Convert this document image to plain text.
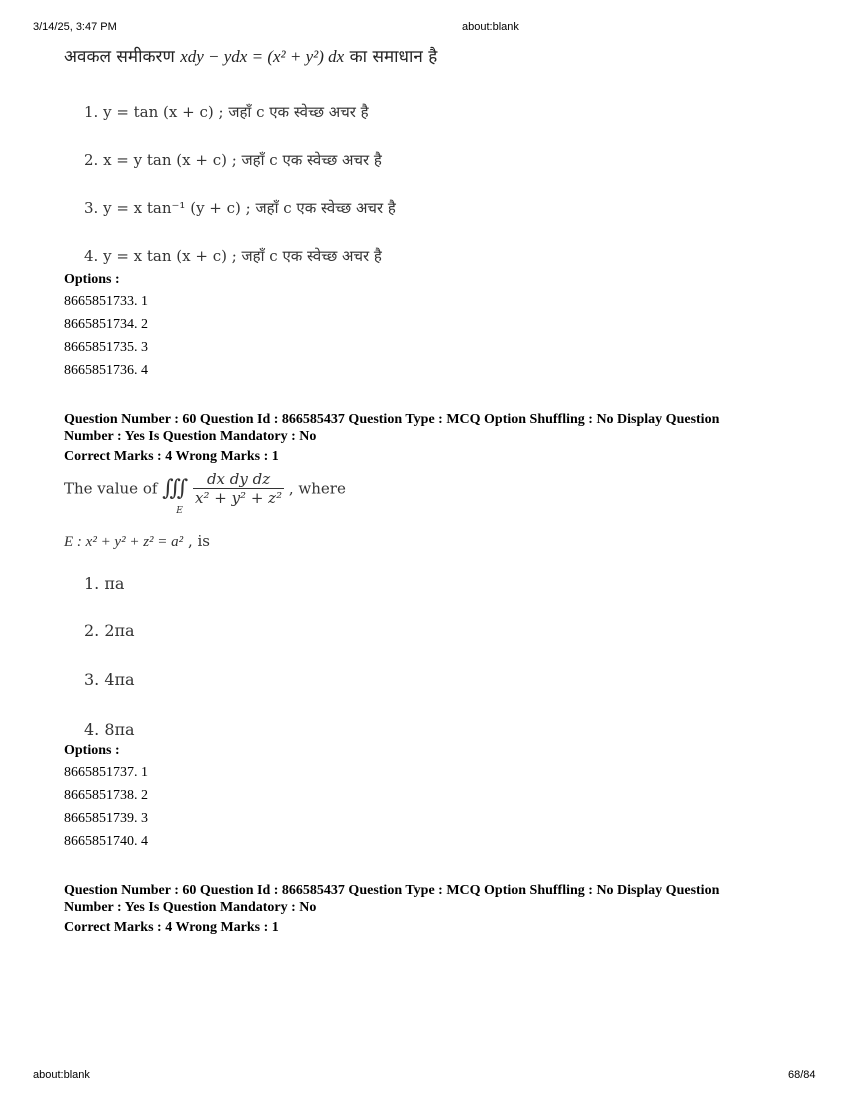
3/14/25, 3:47 PM	about:blank
अवकल समीकरण xdy − ydx = (x² + y²) dx का समाधान है
1. y = tan (x + c) ; जहाँ c एक स्वेच्छ अचर है
2. x = y tan (x + c) ; जहाँ c एक स्वेच्छ अचर है
3. y = x tan⁻¹ (y + c) ; जहाँ c एक स्वेच्छ अचर है
4. y = x tan (x + c) ; जहाँ c एक स्वेच्छ अचर है
Options :
8665851733. 1
8665851734. 2
8665851735. 3
8665851736. 4
Question Number : 60 Question Id : 866585437 Question Type : MCQ Option Shuffling : No Display Question
Number : Yes Is Question Mandatory : No
Correct Marks : 4 Wrong Marks : 1
The value of ∭
E

$\frac{\text{dx dy dz}}{\text{x² + y² + z²}}$ , where
E : x² + y² + z² = a² , is
1. πa
2. 2πa
3. 4πa
4. 8πa
Options :
8665851737. 1
8665851738. 2
8665851739. 3
8665851740. 4
Question Number : 60 Question Id : 866585437 Question Type : MCQ Option Shuffling : No Display Question
Number : Yes Is Question Mandatory : No
Correct Marks : 4 Wrong Marks : 1
about:blank	68/84
